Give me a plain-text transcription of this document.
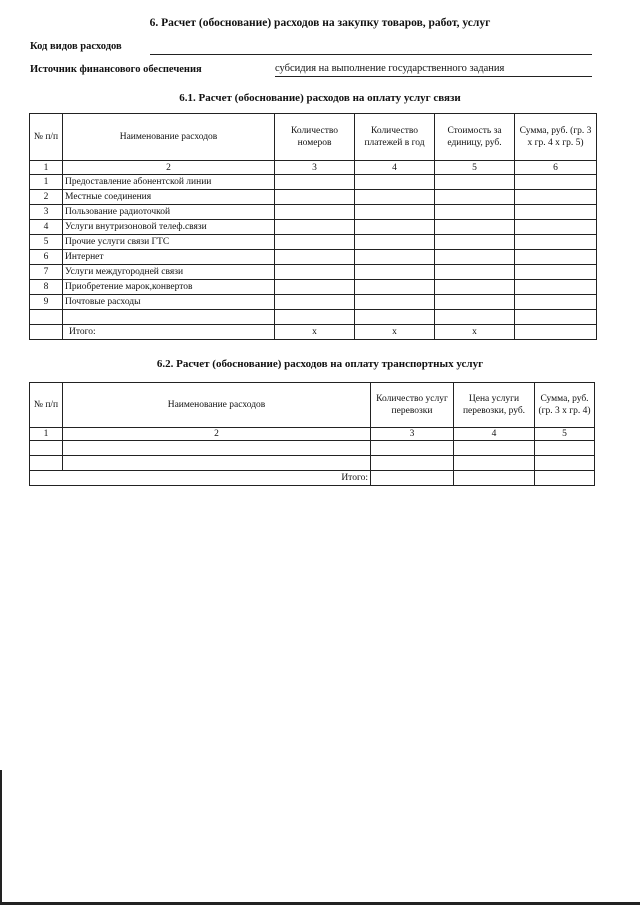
6. Расчет (обоснование) расходов на закупку товаров, работ, услуг
Код видов расходов
Источник финансового обеспечения	субсидия на выполнение государственного задания
6.1. Расчет (обоснование) расходов на оплату услуг связи
№ п/п	Наименование расходов	Количество номеров	Количество платежей в год	Стоимость за единицу, руб.	Сумма, руб. (гр. 3 х гр. 4 х гр. 5)
1	2	3	4	5	6
1	Предоставление абонентской линии				
2	Местные соединения				
3	Пользование радиоточкой				
4	Услуги внутризоновой телеф.связи				
5	Прочие услуги связи ГТС				
6	Интернет				
7	Услуги междугородней связи				
8	Приобретение марок,конвертов				
9	Почтовые расходы				

	Итого:	x	x	x	
6.2. Расчет (обоснование) расходов на оплату транспортных услуг
№ п/п	Наименование расходов	Количество услуг перевозки	Цена услуги перевозки, руб.	Сумма, руб. (гр. 3 х гр. 4)
1	2	3	4	5

Итого:				
